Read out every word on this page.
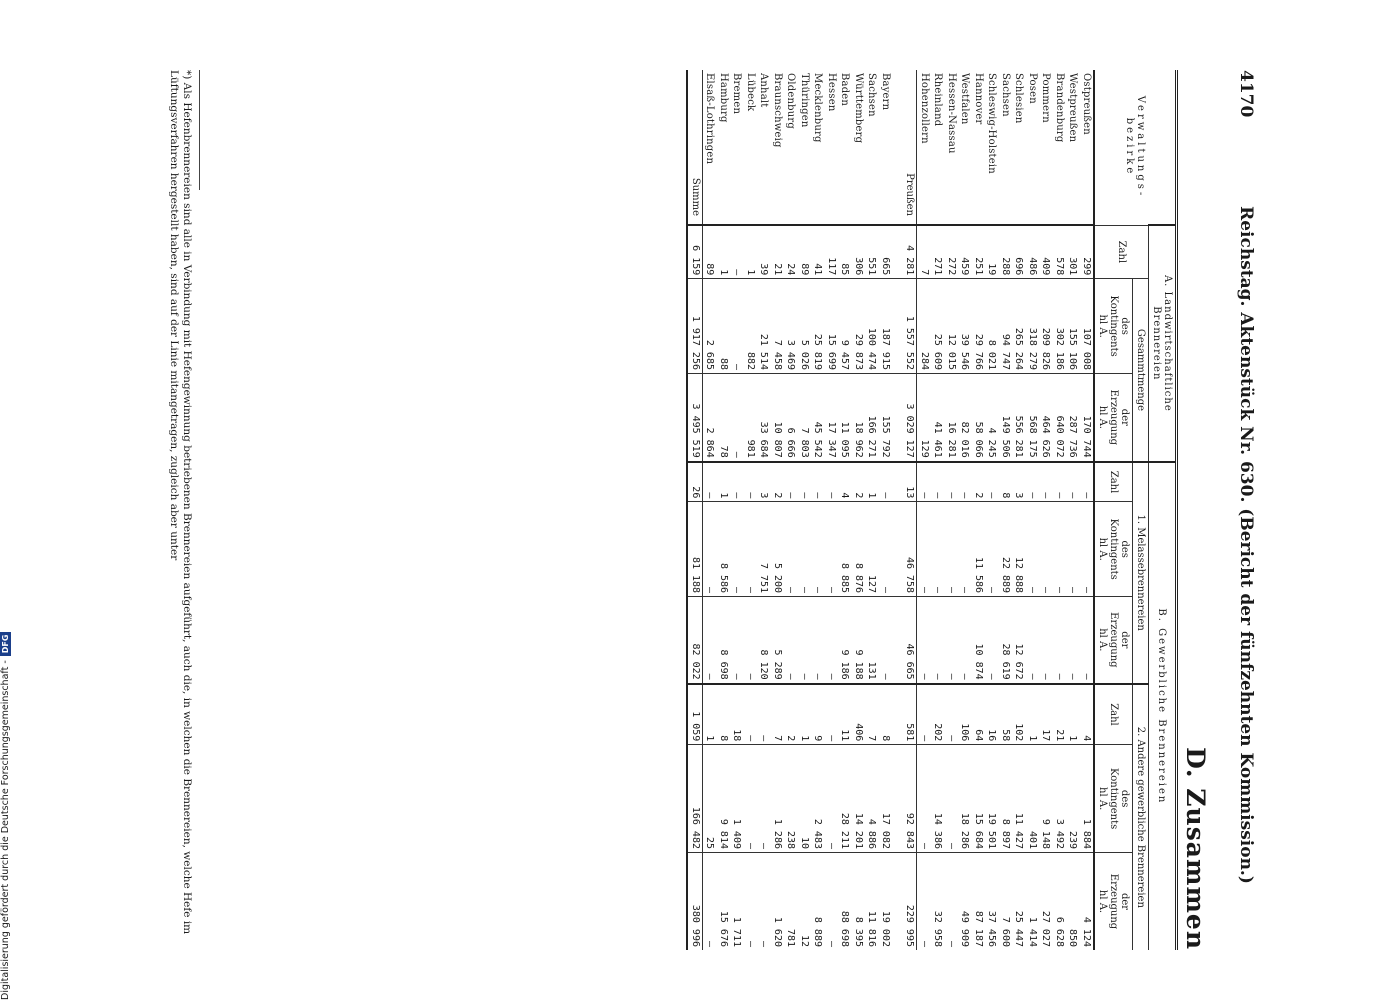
4170
Reichstag. Aktenstück Nr. 630. (Bericht der fünfzehnten Kommission.)
D. Zusammen
Verwaltungs-
bezirke	A. Landwirtschaftliche
Brennereien			B. Gewerbliche Brennereien					
	Zahl	Gesammtmenge		1. Melassebrennereien			2. Andere gewerbliche Brennereien		
		des
Kontingents
hl A.	der
Erzeugung
hl A.	Zahl	des
Kontingents
hl A.	der
Erzeugung
hl A.	Zahl	des
Kontingents
hl A.	der
Erzeugung
hl A.
Ostpreußen	299	107 008	170 744	—	—	—	4	1 884	4 124
Westpreußen	301	155 106	287 736	—	—	—	1	239	850
Brandenburg	578	302 186	640 072	—	—	—	21	3 492	6 628
Pommern	409	209 826	464 626	—	—	—	17	9 148	27 027
Posen	486	318 279	568 175	—	—	—	1	401	1 414
Schlesien	696	265 264	556 281	3	12 888	12 672	102	11 427	25 447
Sachsen	288	94 747	149 506	8	22 889	28 619	58	8 897	7 600
Schleswig-Holstein	19	8 021	4 245	—	—	—	16	19 501	37 456
Hannover	251	29 766	58 066	2	11 586	10 874	64	15 684	87 187
Westfalen	459	39 546	82 016	—	—	—	106	18 286	49 909
Hessen-Nassau	272	12 015	16 281	—	—	—	—	—	—
Rheinland	271	25 609	41 461	—	—	—	202	14 386	32 958
Hohenzollern	7	284	129	—	—	—	—	—	—
Preußen	4 281	1 557 552	3 029 127	13	46 758	46 665	581	92 843	229 995

Bayern	665	187 915	155 792	—	—	—	8	17 082	19 002
Sachsen	551	100 474	166 271	1	127	131	7	4 886	11 816
Württemberg	306	29 873	18 962	2	8 876	9 188	406	14 201	8 395
Baden	85	9 457	11 095	4	8 885	9 186	11	28 211	88 698
Hessen	117	15 699	17 347	—	—	—	—	—	—
Mecklenburg	41	25 819	45 542	—	—	—	9	2 483	8 889
Thüringen	89	5 026	7 803	—	—	—	1	10	12
Oldenburg	24	3 469	6 666	—	—	—	2	238	781
Braunschweig	21	7 458	10 807	2	5 200	5 289	7	1 286	1 620
Anhalt	39	21 514	33 684	3	7 751	8 120	—	—	—
Lübeck	1	882	981	—	—	—	—	—	—
Bremen	—	—	—	—	—	—	18	1 409	1 711
Hamburg	1	88	78	1	8 586	8 698	8	9 814	15 676
Elsaß-Lothringen	89	2 685	2 864	—	—	—	1	25	—
Summe	6 159	1 917 256	3 495 519	26	81 188	82 022	1 059	166 482	380 996
*) Als Hefenbrennereien sind alle in Verbindung mit Hefengewinnung betriebenen Brennereien aufgeführt, auch die, in welchen die Brennereien, welche Hefe im Lüftungsverfahren hergestellt haben, sind auf der Linie mitangetragen, zugleich aber unter
Digitalisierung gefördert durch die Deutsche Forschungsgemeinschaft -DFG
